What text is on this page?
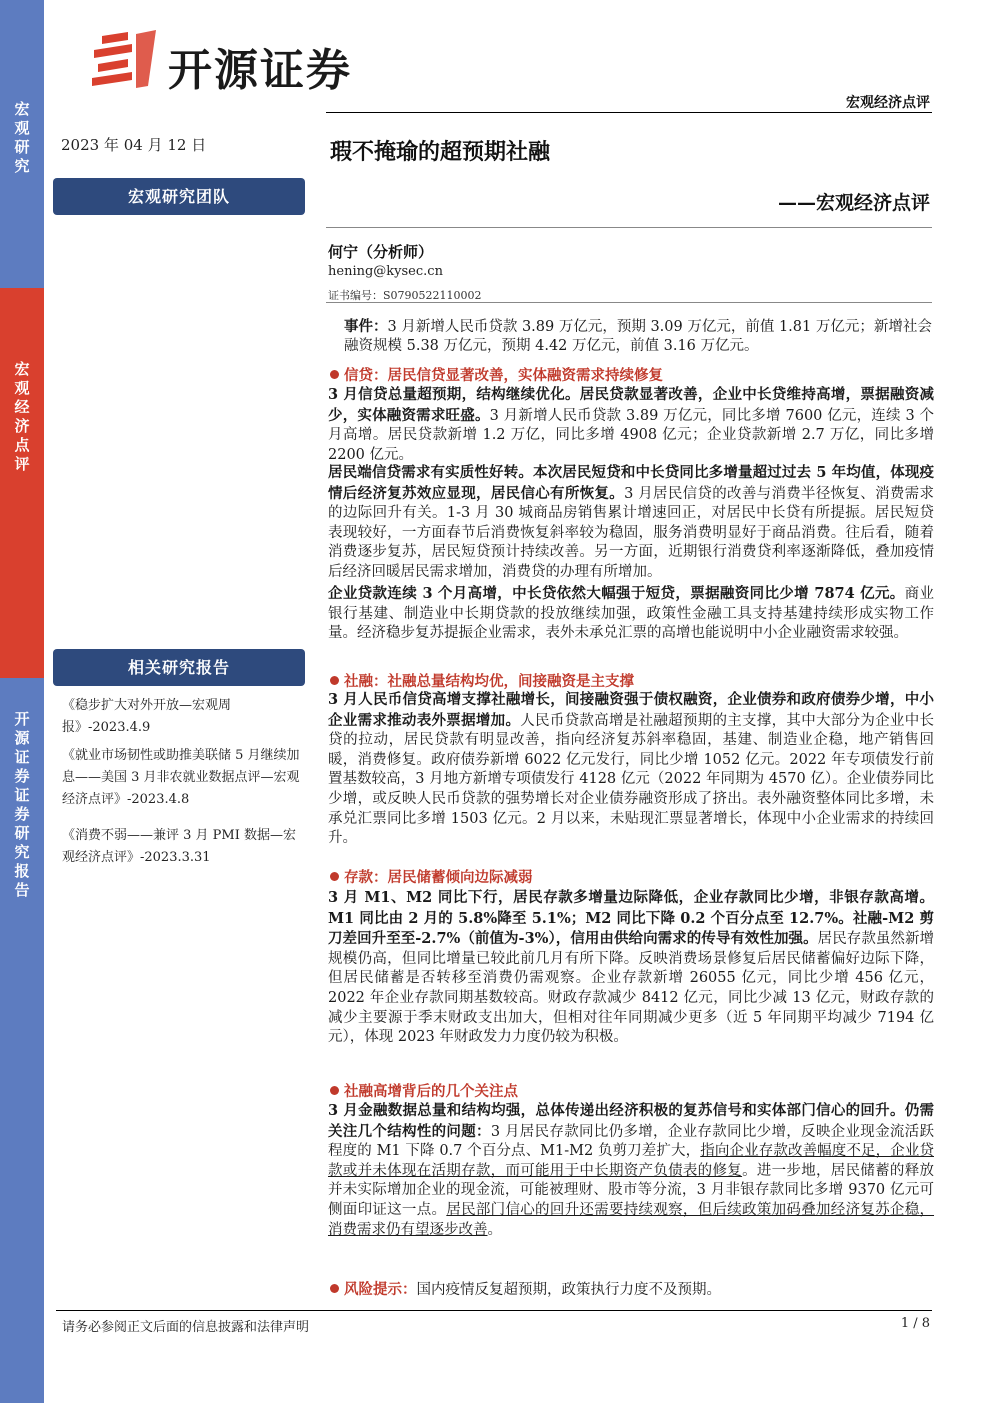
宏观研究
宏观经济点评
开源证券证券研究报告
开源证券
宏观经济点评
2023 年 04 月 12 日	瑕不掩瑜的超预期社融
——宏观经济点评
宏观研究团队
相关研究报告
《稳步扩大对外开放—宏观周报》-2023.4.9
《就业市场韧性或助推美联储 5 月继续加息——美国 3 月非农就业数据点评—宏观经济点评》-2023.4.8
《消费不弱——兼评 3 月 PMI 数据—宏观经济点评》-2023.3.31
何宁（分析师）
hening@kysec.cn
证书编号：S0790522110002
事件：3 月新增人民币贷款 3.89 万亿元，预期 3.09 万亿元，前值 1.81 万亿元；新增社会融资规模 5.38 万亿元，预期 4.42 万亿元，前值 3.16 万亿元。
信贷：居民信贷显著改善，实体融资需求持续修复
3 月信贷总量超预期，结构继续优化。居民贷款显著改善，企业中长贷维持高增，票据融资减少，实体融资需求旺盛。3 月新增人民币贷款 3.89 万亿元，同比多增 7600 亿元，连续 3 个月高增。居民贷款新增 1.2 万亿，同比多增 4908 亿元；企业贷款新增 2.7 万亿，同比多增 2200 亿元。
居民端信贷需求有实质性好转。本次居民短贷和中长贷同比多增量超过过去 5 年均值，体现疫情后经济复苏效应显现，居民信心有所恢复。3 月居民信贷的改善与消费半径恢复、消费需求的边际回升有关。1-3 月 30 城商品房销售累计增速回正，对居民中长贷有所提振。居民短贷表现较好，一方面春节后消费恢复斜率较为稳固，服务消费明显好于商品消费。往后看，随着消费逐步复苏，居民短贷预计持续改善。另一方面，近期银行消费贷利率逐渐降低，叠加疫情后经济回暖居民需求增加，消费贷的办理有所增加。
企业贷款连续 3 个月高增，中长贷依然大幅强于短贷，票据融资同比少增 7874 亿元。商业银行基建、制造业中长期贷款的投放继续加强，政策性金融工具支持基建持续形成实物工作量。经济稳步复苏提振企业需求，表外未承兑汇票的高增也能说明中小企业融资需求较强。
社融：社融总量结构均优，间接融资是主支撑
3 月人民币信贷高增支撑社融增长，间接融资强于债权融资，企业债券和政府债券少增，中小企业需求推动表外票据增加。人民币贷款高增是社融超预期的主支撑，其中大部分为企业中长贷的拉动，居民贷款有明显改善，指向经济复苏斜率稳固，基建、制造业企稳，地产销售回暖，消费修复。政府债券新增 6022 亿元发行，同比少增 1052 亿元。2022 年专项债发行前置基数较高，3 月地方新增专项债发行 4128 亿元（2022 年同期为 4570 亿）。企业债券同比少增，或反映人民币贷款的强势增长对企业债券融资形成了挤出。表外融资整体同比多增，未承兑汇票同比多增 1503 亿元。2 月以来，未贴现汇票显著增长，体现中小企业需求的持续回升。
存款：居民储蓄倾向边际减弱
3 月 M1、M2 同比下行，居民存款多增量边际降低，企业存款同比少增，非银存款高增。M1 同比由 2 月的 5.8%降至 5.1%；M2 同比下降 0.2 个百分点至 12.7%。社融-M2 剪刀差回升至至-2.7%（前值为-3%），信用由供给向需求的传导有效性加强。居民存款虽然新增规模仍高，但同比增量已较此前几月有所下降。反映消费场景修复后居民储蓄偏好边际下降，但居民储蓄是否转移至消费仍需观察。企业存款新增 26055 亿元，同比少增 456 亿元，2022 年企业存款同期基数较高。财政存款减少 8412 亿元，同比少减 13 亿元，财政存款的减少主要源于季末财政支出加大，但相对往年同期减少更多（近 5 年同期平均减少 7194 亿元），体现 2023 年财政发力力度仍较为积极。
社融高增背后的几个关注点
3 月金融数据总量和结构均强，总体传递出经济积极的复苏信号和实体部门信心的回升。仍需关注几个结构性的问题：3 月居民存款同比仍多增，企业存款同比少增，反映企业现金流活跃程度的 M1 下降 0.7 个百分点、M1-M2 负剪刀差扩大，指向企业存款改善幅度不足，企业贷款或并未体现在活期存款，而可能用于中长期资产负债表的修复。进一步地，居民储蓄的释放并未实际增加企业的现金流，可能被理财、股市等分流，3 月非银存款同比多增 9370 亿元可侧面印证这一点。居民部门信心的回升还需要持续观察，但后续政策加码叠加经济复苏企稳，消费需求仍有望逐步改善。
风险提示：国内疫情反复超预期，政策执行力度不及预期。
请务必参阅正文后面的信息披露和法律声明	1 / 8
